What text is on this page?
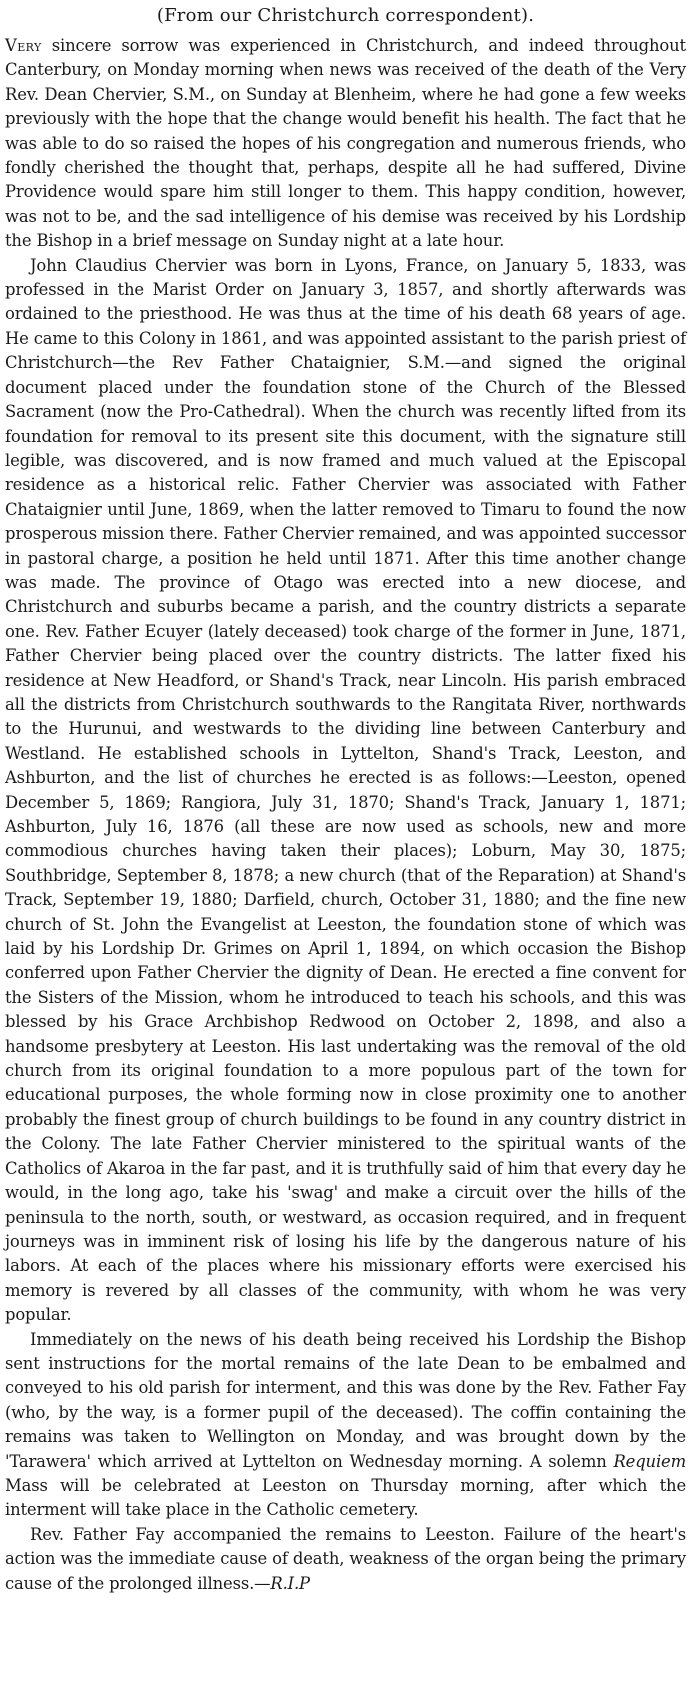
(From our Christchurch correspondent).

Very sincere sorrow was experienced in Christchurch, and indeed throughout Canterbury, on Monday morning when news was received of the death of the Very Rev. Dean Chervier, S.M., on Sunday at Blenheim, where he had gone a few weeks previously with the hope that the change would benefit his health. The fact that he was able to do so raised the hopes of his congregation and numerous friends, who fondly cherished the thought that, perhaps, despite all he had suffered, Divine Providence would spare him still longer to them. This happy condition, however, was not to be, and the sad intelligence of his demise was received by his Lordship the Bishop in a brief message on Sunday night at a late hour.

John Claudius Chervier was born in Lyons, France, on January 5, 1833, was professed in the Marist Order on January 3, 1857, and shortly afterwards was ordained to the priesthood. He was thus at the time of his death 68 years of age. He came to this Colony in 1861, and was appointed assistant to the parish priest of Christchurch—the Rev Father Chataignier, S.M.—and signed the original document placed under the foundation stone of the Church of the Blessed Sacrament (now the Pro-Cathedral). When the church was recently lifted from its foundation for removal to its present site this document, with the signature still legible, was discovered, and is now framed and much valued at the Episcopal residence as a historical relic. Father Chervier was associated with Father Chataignier until June, 1869, when the latter removed to Timaru to found the now prosperous mission there. Father Chervier remained, and was appointed successor in pastoral charge, a position he held until 1871. After this time another change was made. The province of Otago was erected into a new diocese, and Christchurch and suburbs became a parish, and the country districts a separate one. Rev. Father Ecuyer (lately deceased) took charge of the former in June, 1871, Father Chervier being placed over the country districts. The latter fixed his residence at New Headford, or Shand's Track, near Lincoln. His parish embraced all the districts from Christchurch southwards to the Rangitata River, northwards to the Hurunui, and westwards to the dividing line between Canterbury and Westland. He established schools in Lyttelton, Shand's Track, Leeston, and Ashburton, and the list of churches he erected is as follows:—Leeston, opened December 5, 1869; Rangiora, July 31, 1870; Shand's Track, January 1, 1871; Ashburton, July 16, 1876 (all these are now used as schools, new and more commodious churches having taken their places); Loburn, May 30, 1875; Southbridge, September 8, 1878; a new church (that of the Reparation) at Shand's Track, September 19, 1880; Darfield, church, October 31, 1880; and the fine new church of St. John the Evangelist at Leeston, the foundation stone of which was laid by his Lordship Dr. Grimes on April 1, 1894, on which occasion the Bishop conferred upon Father Chervier the dignity of Dean. He erected a fine convent for the Sisters of the Mission, whom he introduced to teach his schools, and this was blessed by his Grace Archbishop Redwood on October 2, 1898, and also a handsome presbytery at Leeston. His last undertaking was the removal of the old church from its original foundation to a more populous part of the town for educational purposes, the whole forming now in close proximity one to another probably the finest group of church buildings to be found in any country district in the Colony. The late Father Chervier ministered to the spiritual wants of the Catholics of Akaroa in the far past, and it is truthfully said of him that every day he would, in the long ago, take his 'swag' and make a circuit over the hills of the peninsula to the north, south, or westward, as occasion required, and in frequent journeys was in imminent risk of losing his life by the dangerous nature of his labors. At each of the places where his missionary efforts were exercised his memory is revered by all classes of the community, with whom he was very popular.

Immediately on the news of his death being received his Lordship the Bishop sent instructions for the mortal remains of the late Dean to be embalmed and conveyed to his old parish for interment, and this was done by the Rev. Father Fay (who, by the way, is a former pupil of the deceased). The coffin containing the remains was taken to Wellington on Monday, and was brought down by the 'Tarawera' which arrived at Lyttelton on Wednesday morning. A solemn Requiem Mass will be celebrated at Leeston on Thursday morning, after which the interment will take place in the Catholic cemetery.

Rev. Father Fay accompanied the remains to Leeston. Failure of the heart's action was the immediate cause of death, weakness of the organ being the primary cause of the prolonged illness.—R.I.P
